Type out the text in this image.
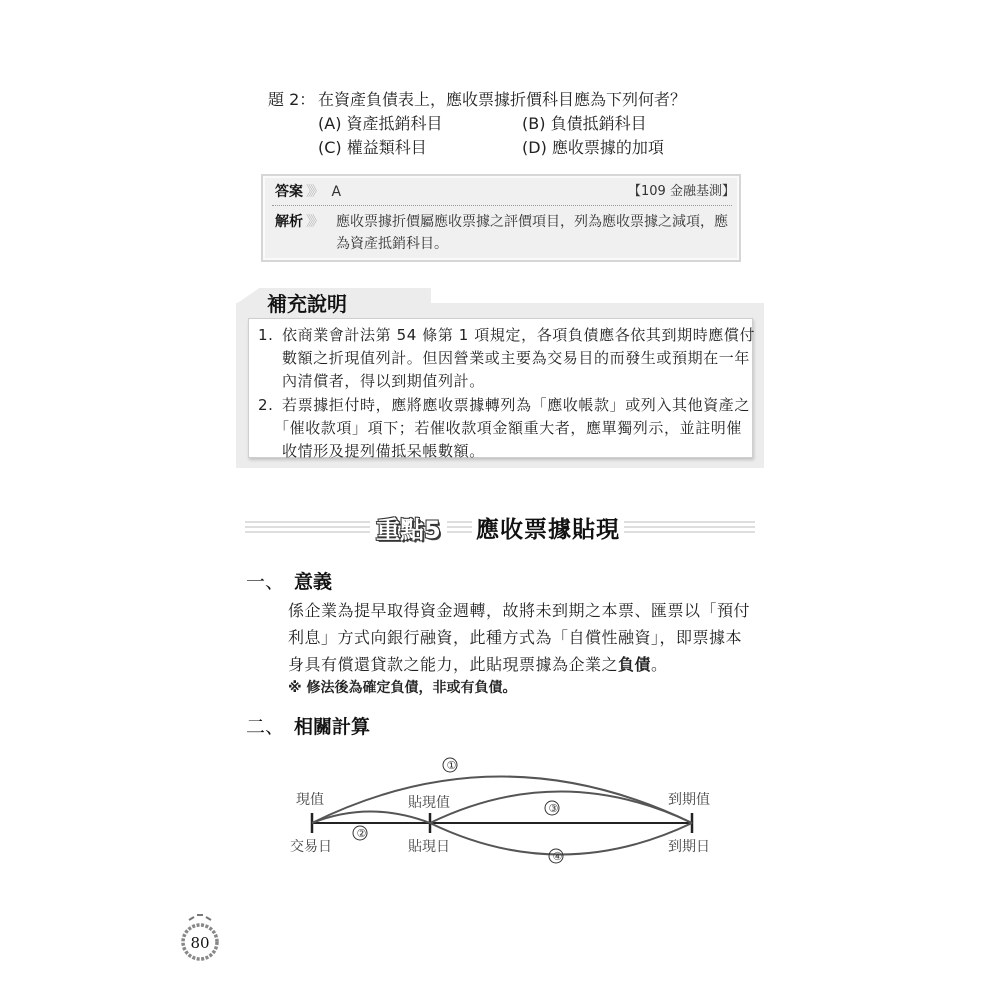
題 2： 在資產負債表上，應收票據折價科目應為下列何者？
(A) 資產抵銷科目	(B) 負債抵銷科目
(C) 權益類科目	(D) 應收票據的加項
答案 》》 A	【109 金融基測】
解析 》》	應收票據折價屬應收票據之評價項目，列為應收票據之減項，應
為資產抵銷科目。
補充說明
1. 依商業會計法第 54 條第 1 項規定，各項負債應各依其到期時應償付
數額之折現值列計。但因營業或主要為交易目的而發生或預期在一年
內清償者，得以到期值列計。
2. 若票據拒付時，應將應收票據轉列為「應收帳款」或列入其他資產之
「催收款項」項下；若催收款項金額重大者，應單獨列示，並註明催
收情形及提列備抵呆帳數額。
重點5 應收票據貼現
一、 意義
係企業為提早取得資金週轉，故將未到期之本票、匯票以「預付
利息」方式向銀行融資，此種方式為「自償性融資」，即票據本
身具有償還貸款之能力，此貼現票據為企業之負債。
※ 修法後為確定負債，非或有負債。
二、 相關計算
①
②
③
④
現值	貼現值	到期值
交易日	貼現日	到期日
80
